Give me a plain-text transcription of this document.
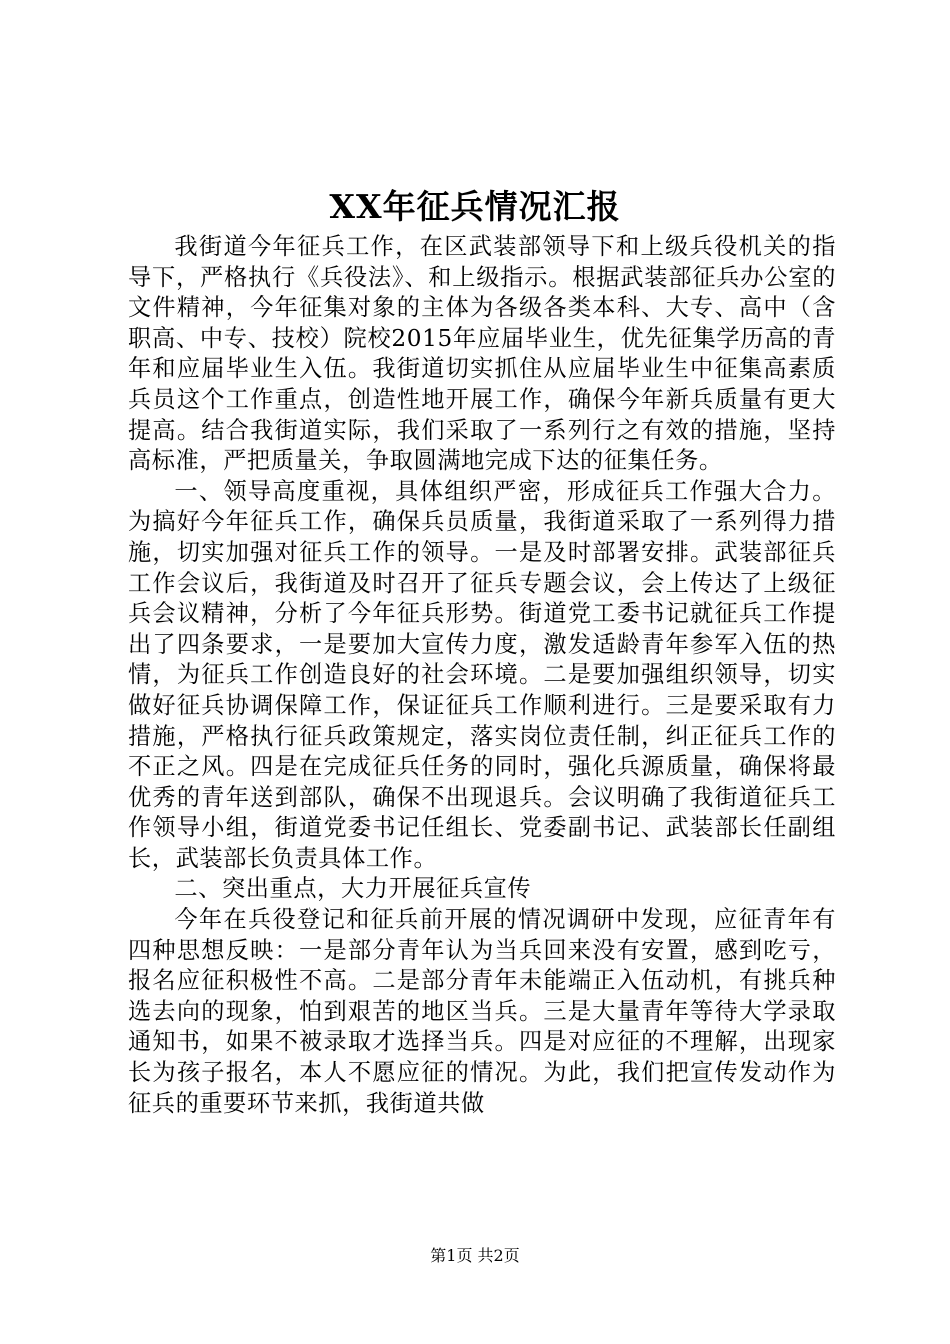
XX年征兵情况汇报

我街道今年征兵工作，在区武装部领导下和上级兵役机关的指导下，严格执行《兵役法》、和上级指示。根据武装部征兵办公室的文件精神，今年征集对象的主体为各级各类本科、大专、高中（含职高、中专、技校）院校2015年应届毕业生，优先征集学历高的青年和应届毕业生入伍。我街道切实抓住从应届毕业生中征集高素质兵员这个工作重点，创造性地开展工作，确保今年新兵质量有更大提高。结合我街道实际，我们采取了一系列行之有效的措施，坚持高标准，严把质量关，争取圆满地完成下达的征集任务。

一、领导高度重视，具体组织严密，形成征兵工作强大合力。为搞好今年征兵工作，确保兵员质量，我街道采取了一系列得力措施，切实加强对征兵工作的领导。一是及时部署安排。武装部征兵工作会议后，我街道及时召开了征兵专题会议，会上传达了上级征兵会议精神，分析了今年征兵形势。街道党工委书记就征兵工作提出了四条要求，一是要加大宣传力度，激发适龄青年参军入伍的热情，为征兵工作创造良好的社会环境。二是要加强组织领导，切实做好征兵协调保障工作，保证征兵工作顺利进行。三是要采取有力措施，严格执行征兵政策规定，落实岗位责任制，纠正征兵工作的不正之风。四是在完成征兵任务的同时，强化兵源质量，确保将最优秀的青年送到部队，确保不出现退兵。会议明确了我街道征兵工作领导小组，街道党委书记任组长、党委副书记、武装部长任副组长，武装部长负责具体工作。

二、突出重点，大力开展征兵宣传

今年在兵役登记和征兵前开展的情况调研中发现，应征青年有四种思想反映：一是部分青年认为当兵回来没有安置，感到吃亏，报名应征积极性不高。二是部分青年未能端正入伍动机，有挑兵种选去向的现象，怕到艰苦的地区当兵。三是大量青年等待大学录取通知书，如果不被录取才选择当兵。四是对应征的不理解，出现家长为孩子报名，本人不愿应征的情况。为此，我们把宣传发动作为征兵的重要环节来抓，我街道共做

第1页 共2页
